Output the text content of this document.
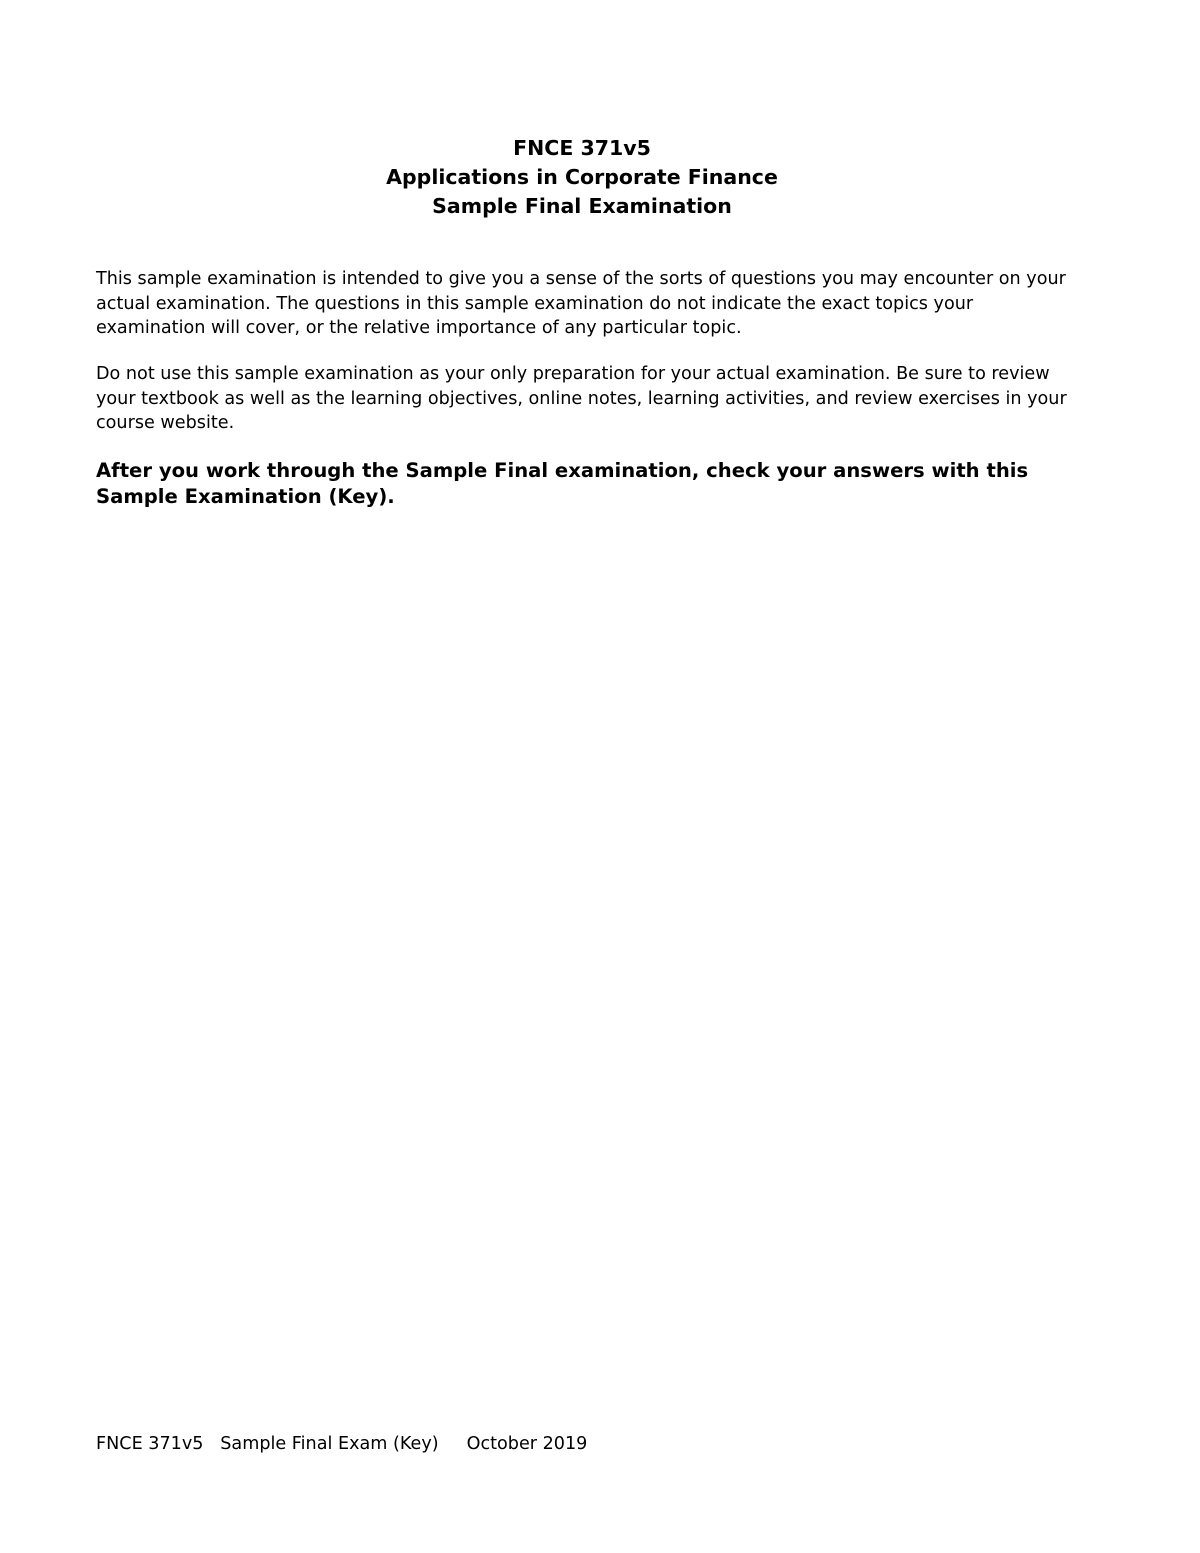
FNCE 371v5
Applications in Corporate Finance
Sample Final Examination

This sample examination is intended to give you a sense of the sorts of questions you may encounter on your actual examination. The questions in this sample examination do not indicate the exact topics your examination will cover, or the relative importance of any particular topic.

Do not use this sample examination as your only preparation for your actual examination. Be sure to review your textbook as well as the learning objectives, online notes, learning activities, and review exercises in your course website.

After you work through the Sample Final examination, check your answers with this Sample Examination (Key).

FNCE 371v5 Sample Final Exam (Key) October 2019
